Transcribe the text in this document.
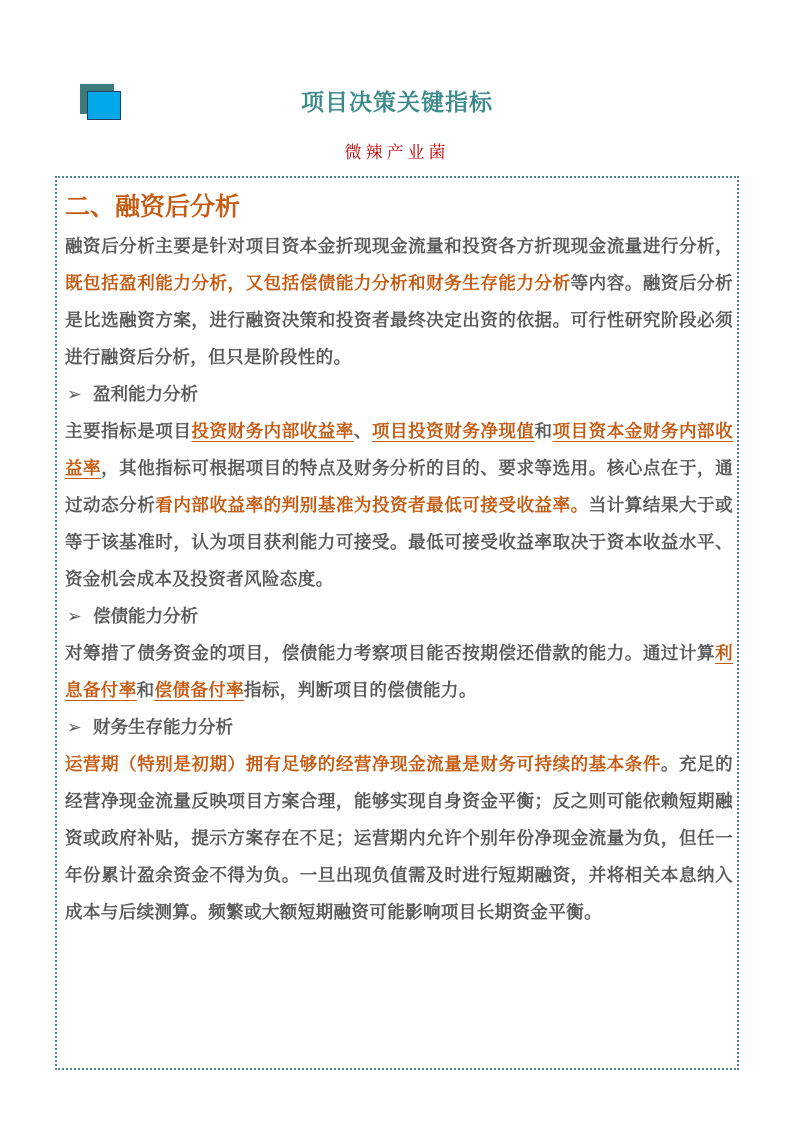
项目决策关键指标
微辣产业菌
二、融资后分析

融资后分析主要是针对项目资本金折现现金流量和投资各方折现现金流量进行分析，既包括盈利能力分析，又包括偿债能力分析和财务生存能力分析等内容。融资后分析是比选融资方案，进行融资决策和投资者最终决定出资的依据。可行性研究阶段必须进行融资后分析，但只是阶段性的。

➢ 盈利能力分析

主要指标是项目投资财务内部收益率、项目投资财务净现值和项目资本金财务内部收益率，其他指标可根据项目的特点及财务分析的目的、要求等选用。核心点在于，通过动态分析看内部收益率的判别基准为投资者最低可接受收益率。当计算结果大于或等于该基准时，认为项目获利能力可接受。最低可接受收益率取决于资本收益水平、资金机会成本及投资者风险态度。

➢ 偿债能力分析

对筹措了债务资金的项目，偿债能力考察项目能否按期偿还借款的能力。通过计算利息备付率和偿债备付率指标，判断项目的偿债能力。

➢ 财务生存能力分析

运营期（特别是初期）拥有足够的经营净现金流量是财务可持续的基本条件。充足的经营净现金流量反映项目方案合理，能够实现自身资金平衡；反之则可能依赖短期融资或政府补贴，提示方案存在不足；运营期内允许个别年份净现金流量为负，但任一年份累计盈余资金不得为负。一旦出现负值需及时进行短期融资，并将相关本息纳入成本与后续测算。频繁或大额短期融资可能影响项目长期资金平衡。
